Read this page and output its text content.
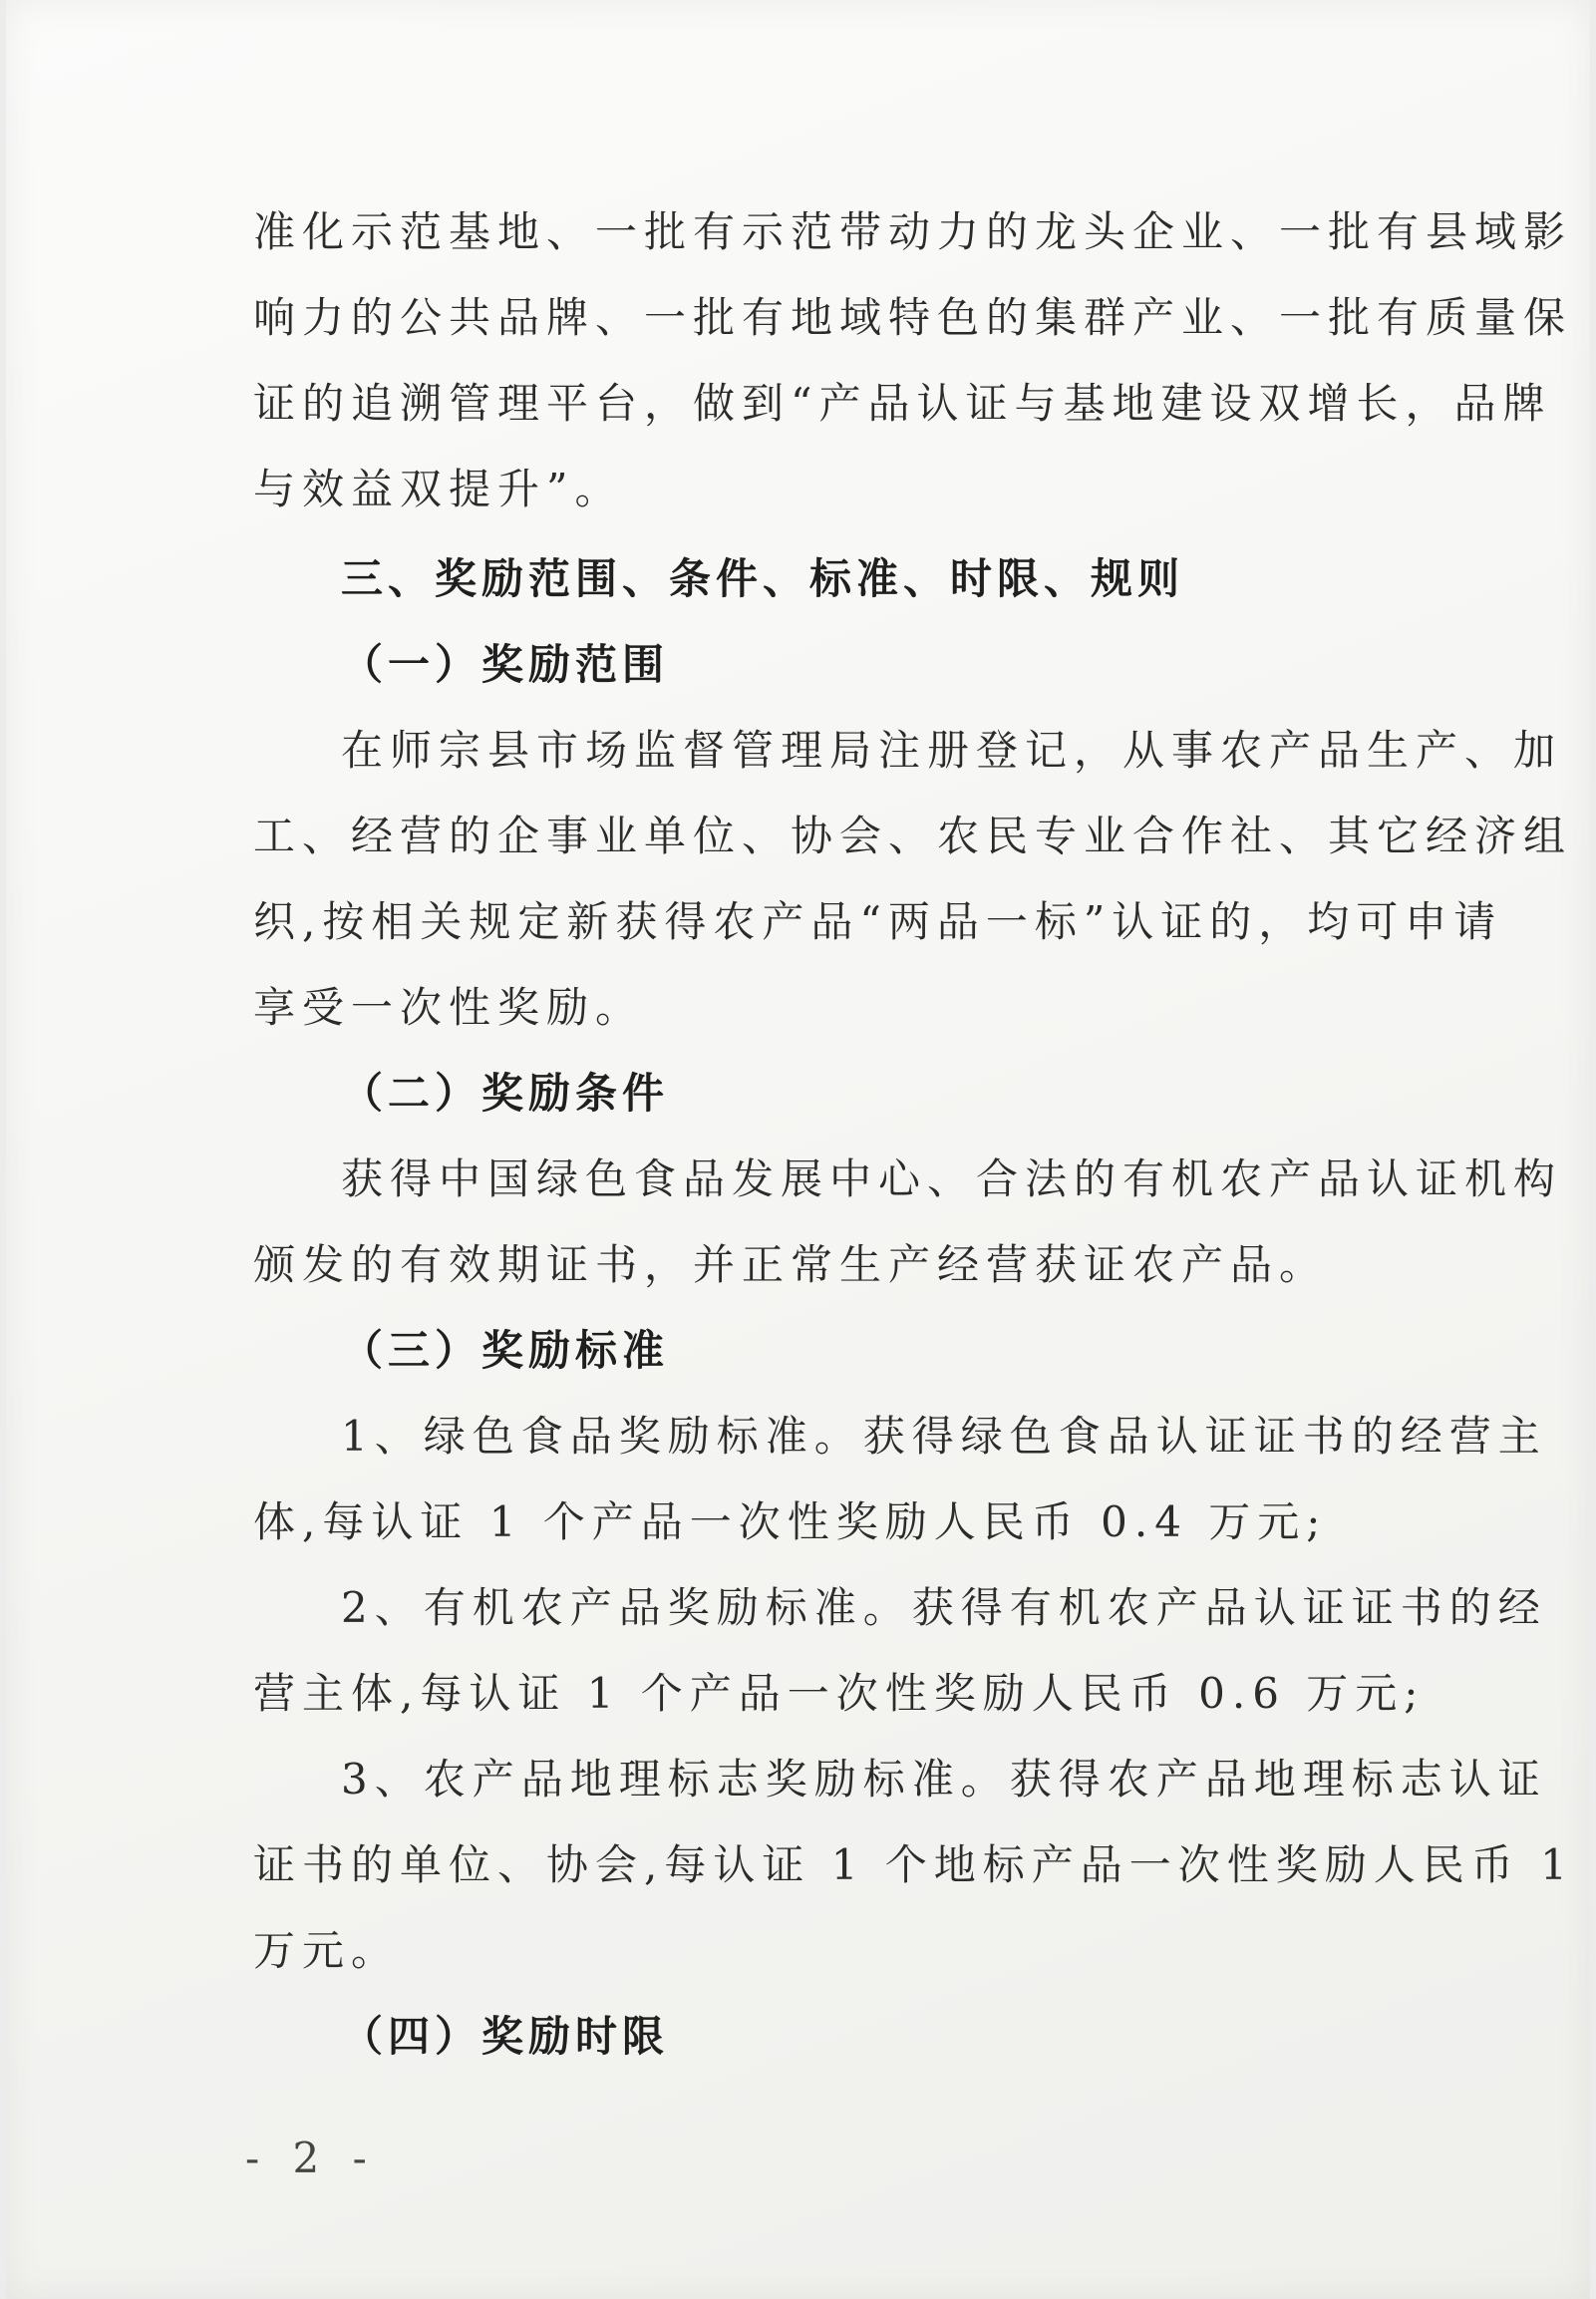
准化示范基地、一批有示范带动力的龙头企业、一批有县域影
响力的公共品牌、一批有地域特色的集群产业、一批有质量保
证的追溯管理平台，做到“产品认证与基地建设双增长，品牌
与效益双提升”。
三、奖励范围、条件、标准、时限、规则
（一）奖励范围
在师宗县市场监督管理局注册登记，从事农产品生产、加
工、经营的企事业单位、协会、农民专业合作社、其它经济组
织,按相关规定新获得农产品“两品一标”认证的，均可申请
享受一次性奖励。
（二）奖励条件
获得中国绿色食品发展中心、合法的有机农产品认证机构
颁发的有效期证书，并正常生产经营获证农产品。
（三）奖励标准
1、绿色食品奖励标准。获得绿色食品认证证书的经营主
体,每认证 1 个产品一次性奖励人民币 0.4 万元;
2、有机农产品奖励标准。获得有机农产品认证证书的经
营主体,每认证 1 个产品一次性奖励人民币 0.6 万元;
3、农产品地理标志奖励标准。获得农产品地理标志认证
证书的单位、协会,每认证 1 个地标产品一次性奖励人民币 1
万元。
（四）奖励时限
- 2 -
